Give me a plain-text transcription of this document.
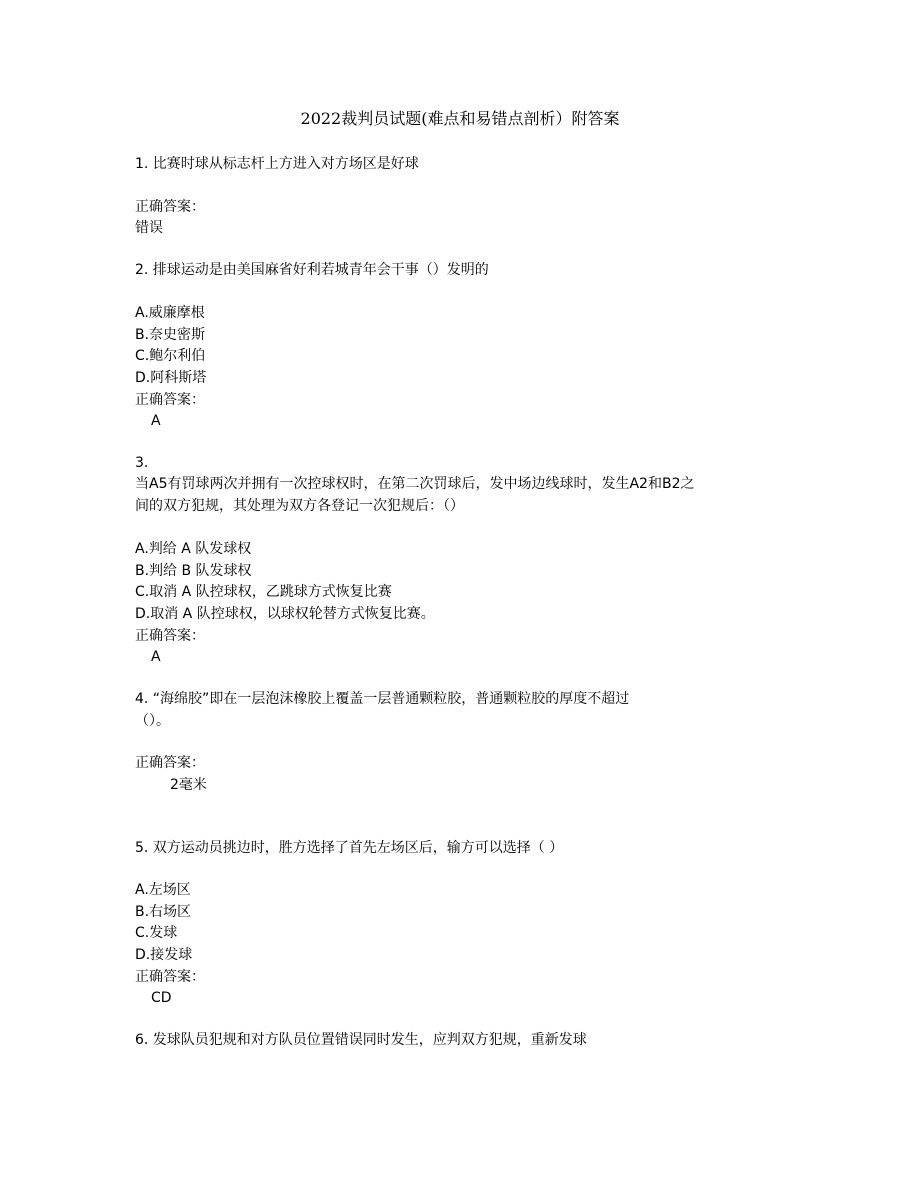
2022裁判员试题(难点和易错点剖析）附答案
1. 比赛时球从标志杆上方进入对方场区是好球
正确答案：
错误
2. 排球运动是由美国麻省好利若城青年会干事（）发明的
A.威廉摩根
B.奈史密斯
C.鲍尔利伯
D.阿科斯塔
正确答案：
A
3.
当A5有罚球两次并拥有一次控球权时，在第二次罚球后，发中场边线球时，发生A2和B2之
间的双方犯规，其处理为双方各登记一次犯规后：（）
A.判给 A 队发球权
B.判给 B 队发球权
C.取消 A 队控球权，乙跳球方式恢复比赛
D.取消 A 队控球权，以球权轮替方式恢复比赛。
正确答案：
A
4. “海绵胶”即在一层泡沫橡胶上覆盖一层普通颗粒胶，普通颗粒胶的厚度不超过
（）。
正确答案：
2毫米
5. 双方运动员挑边时，胜方选择了首先左场区后，输方可以选择（ ）
A.左场区
B.右场区
C.发球
D.接发球
正确答案：
CD
6. 发球队员犯规和对方队员位置错误同时发生，应判双方犯规，重新发球
